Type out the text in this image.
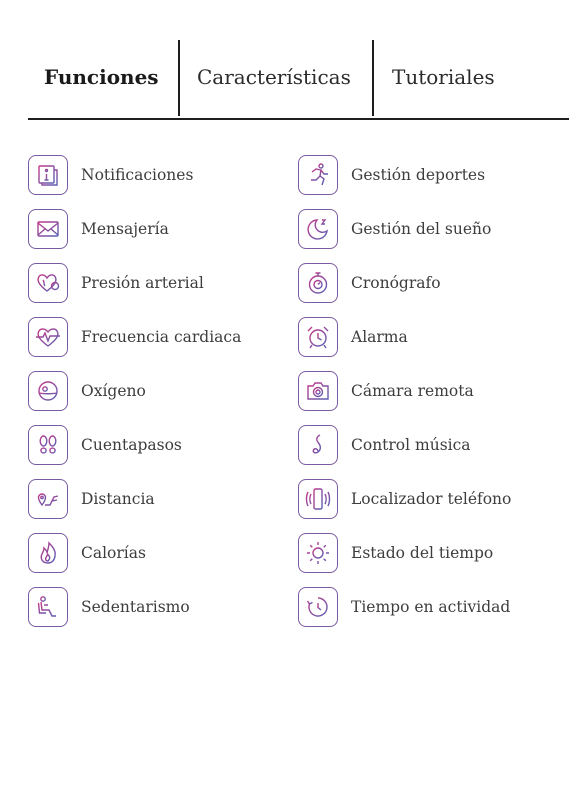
Funciones Características Tutoriales
Notificaciones
Mensajería
Presión arterial
Frecuencia cardiaca
Oxígeno
Cuentapasos
Distancia
Calorías
Sedentarismo
Gestión deportes
Gestión del sueño
Cronógrafo
Alarma
Cámara remota
Control música
Localizador teléfono
Estado del tiempo
Tiempo en actividad
